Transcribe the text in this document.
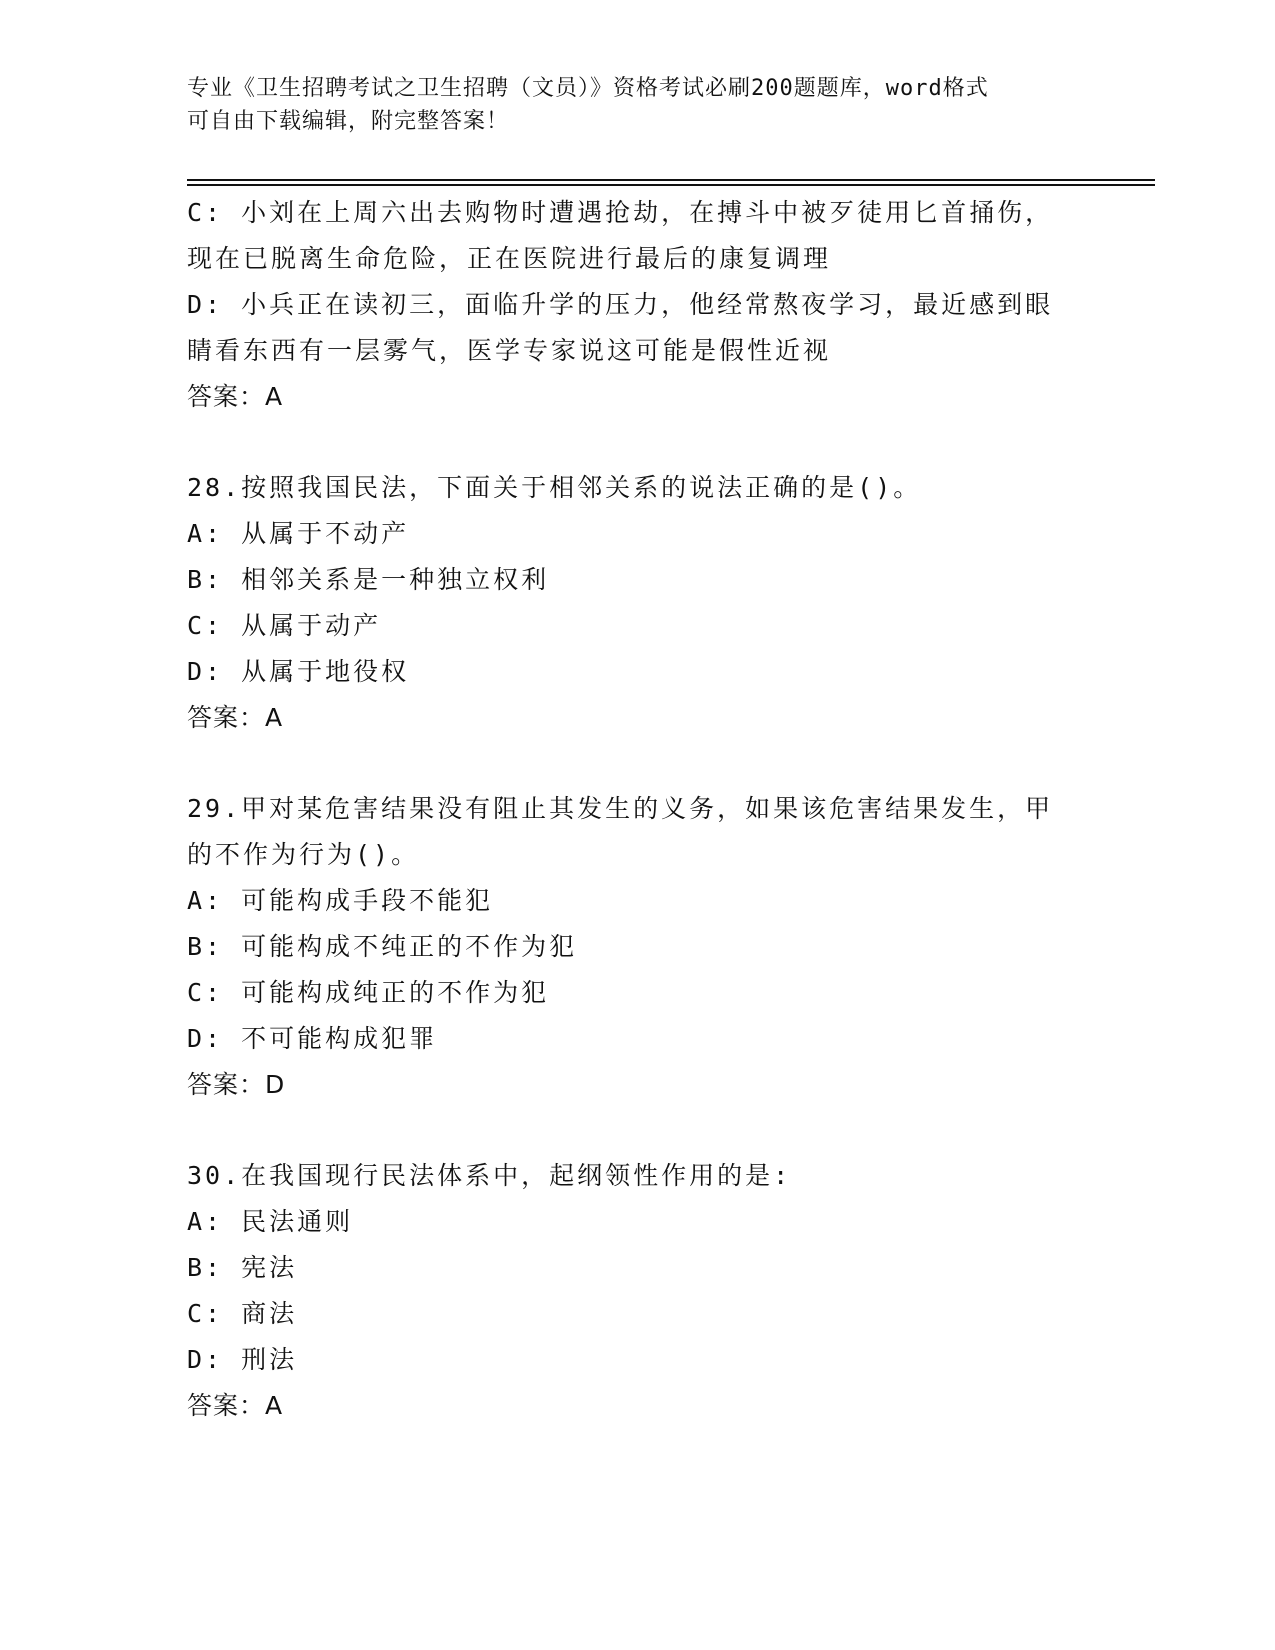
专业《卫生招聘考试之卫生招聘（文员）》资格考试必刷200题题库，word格式
可自由下载编辑，附完整答案！
C: 小刘在上周六出去购物时遭遇抢劫，在搏斗中被歹徒用匕首捅伤，
现在已脱离生命危险，正在医院进行最后的康复调理
D: 小兵正在读初三，面临升学的压力，他经常熬夜学习，最近感到眼
睛看东西有一层雾气，医学专家说这可能是假性近视
答案：A
28.按照我国民法，下面关于相邻关系的说法正确的是()。
A: 从属于不动产
B: 相邻关系是一种独立权利
C: 从属于动产
D: 从属于地役权
答案：A
29.甲对某危害结果没有阻止其发生的义务，如果该危害结果发生，甲
的不作为行为()。
A: 可能构成手段不能犯
B: 可能构成不纯正的不作为犯
C: 可能构成纯正的不作为犯
D: 不可能构成犯罪
答案：D
30.在我国现行民法体系中，起纲领性作用的是:
A: 民法通则
B: 宪法
C: 商法
D: 刑法
答案：A
